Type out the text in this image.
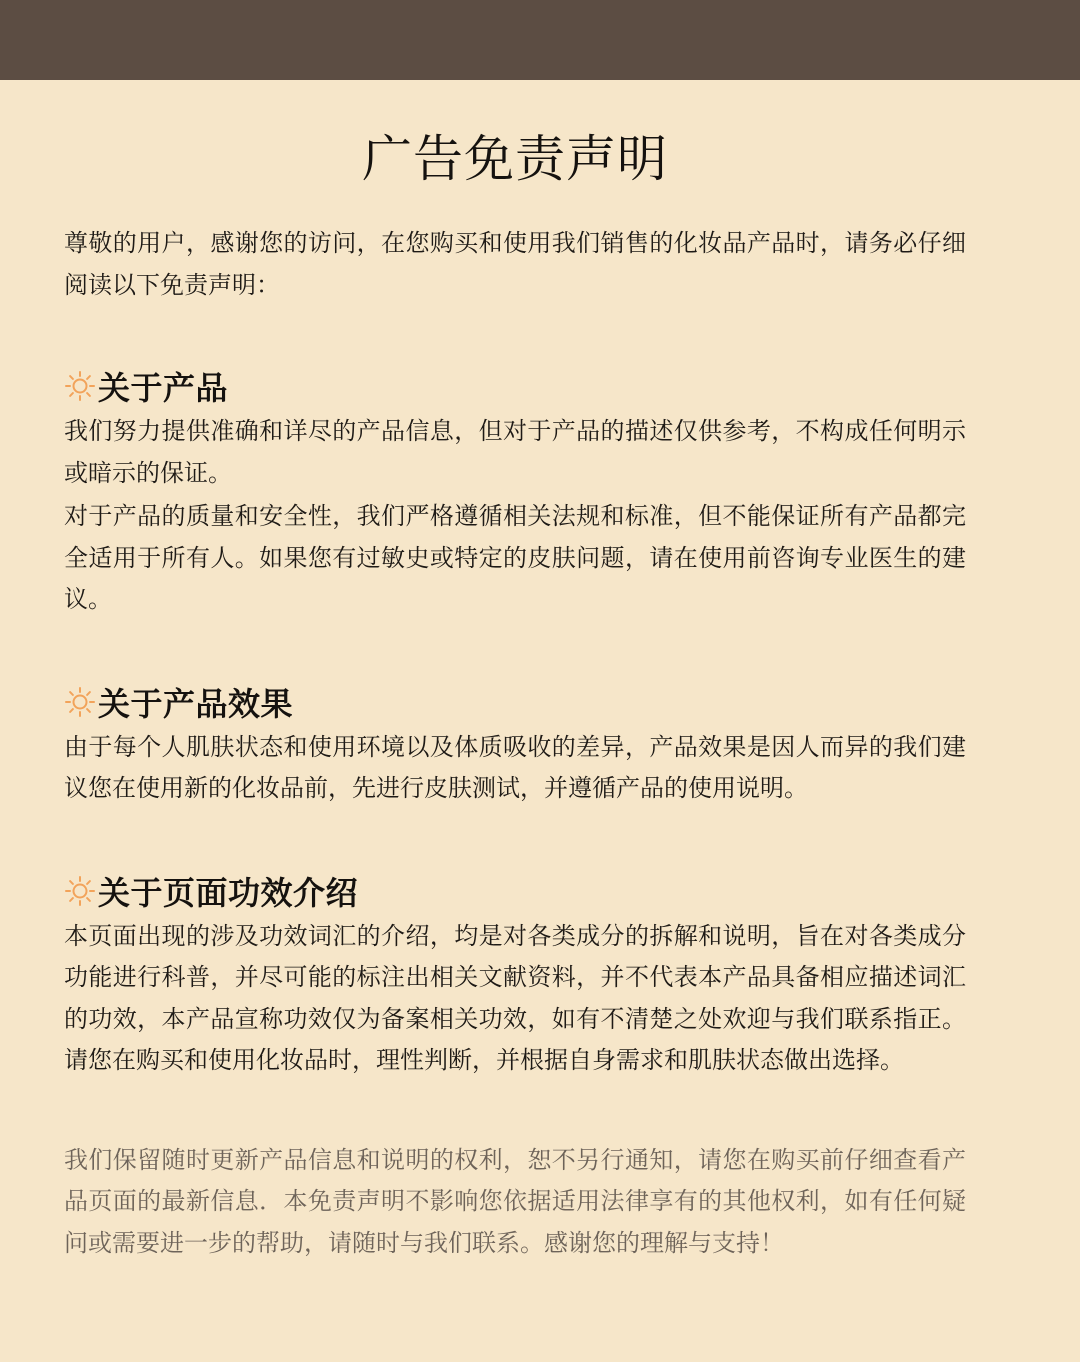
广告免责声明

尊敬的用户，感谢您的访问，在您购买和使用我们销售的化妆品产品时，请务必仔细阅读以下免责声明：

关于产品

我们努力提供准确和详尽的产品信息，但对于产品的描述仅供参考，不构成任何明示或暗示的保证。

对于产品的质量和安全性，我们严格遵循相关法规和标准，但不能保证所有产品都完全适用于所有人。如果您有过敏史或特定的皮肤问题，请在使用前咨询专业医生的建议。

关于产品效果

由于每个人肌肤状态和使用环境以及体质吸收的差异，产品效果是因人而异的我们建议您在使用新的化妆品前，先进行皮肤测试，并遵循产品的使用说明。

关于页面功效介绍

本页面出现的涉及功效词汇的介绍，均是对各类成分的拆解和说明，旨在对各类成分功能进行科普，并尽可能的标注出相关文献资料，并不代表本产品具备相应描述词汇的功效，本产品宣称功效仅为备案相关功效，如有不清楚之处欢迎与我们联系指正。请您在购买和使用化妆品时，理性判断，并根据自身需求和肌肤状态做出选择。

我们保留随时更新产品信息和说明的权利，恕不另行通知，请您在购买前仔细查看产品页面的最新信息．本免责声明不影响您依据适用法律享有的其他权利，如有任何疑问或需要进一步的帮助，请随时与我们联系。感谢您的理解与支持！
